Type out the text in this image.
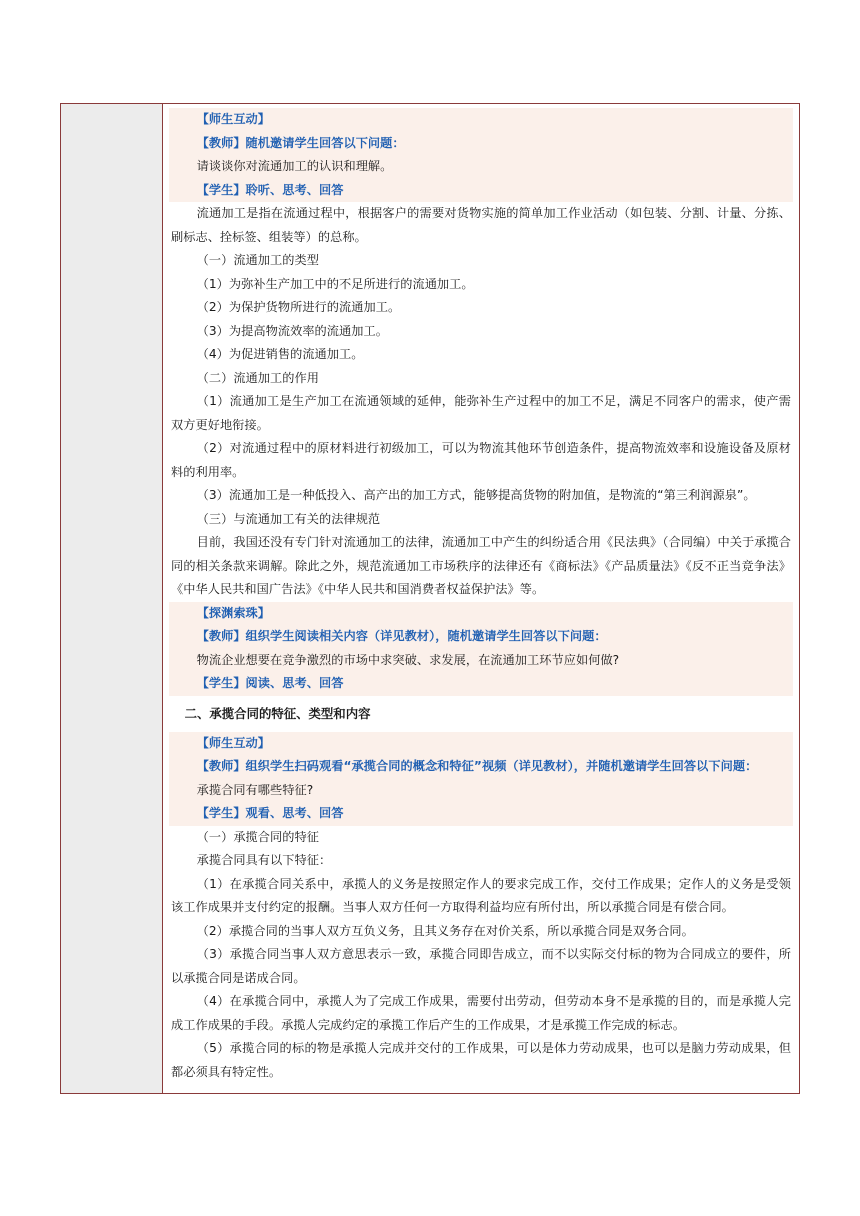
【师生互动】

【教师】随机邀请学生回答以下问题：

请谈谈你对流通加工的认识和理解。

【学生】聆听、思考、回答

流通加工是指在流通过程中，根据客户的需要对货物实施的简单加工作业活动（如包装、分割、计量、分拣、刷标志、拴标签、组装等）的总称。

（一）流通加工的类型

（1）为弥补生产加工中的不足所进行的流通加工。

（2）为保护货物所进行的流通加工。

（3）为提高物流效率的流通加工。

（4）为促进销售的流通加工。

（二）流通加工的作用

（1）流通加工是生产加工在流通领域的延伸，能弥补生产过程中的加工不足，满足不同客户的需求，使产需双方更好地衔接。

（2）对流通过程中的原材料进行初级加工，可以为物流其他环节创造条件，提高物流效率和设施设备及原材料的利用率。

（3）流通加工是一种低投入、高产出的加工方式，能够提高货物的附加值，是物流的“第三利润源泉”。

（三）与流通加工有关的法律规范

目前，我国还没有专门针对流通加工的法律，流通加工中产生的纠纷适合用《民法典》（合同编）中关于承揽合同的相关条款来调解。除此之外，规范流通加工市场秩序的法律还有《商标法》《产品质量法》《反不正当竞争法》《中华人民共和国广告法》《中华人民共和国消费者权益保护法》等。

【探渊索珠】

【教师】组织学生阅读相关内容（详见教材），随机邀请学生回答以下问题：

物流企业想要在竞争激烈的市场中求突破、求发展，在流通加工环节应如何做?

【学生】阅读、思考、回答

二、承揽合同的特征、类型和内容

【师生互动】

【教师】组织学生扫码观看“承揽合同的概念和特征”视频（详见教材），并随机邀请学生回答以下问题：

承揽合同有哪些特征?

【学生】观看、思考、回答

（一）承揽合同的特征

承揽合同具有以下特征：

（1）在承揽合同关系中，承揽人的义务是按照定作人的要求完成工作，交付工作成果；定作人的义务是受领该工作成果并支付约定的报酬。当事人双方任何一方取得利益均应有所付出，所以承揽合同是有偿合同。

（2）承揽合同的当事人双方互负义务，且其义务存在对价关系，所以承揽合同是双务合同。

（3）承揽合同当事人双方意思表示一致，承揽合同即告成立，而不以实际交付标的物为合同成立的要件，所以承揽合同是诺成合同。

（4）在承揽合同中，承揽人为了完成工作成果，需要付出劳动，但劳动本身不是承揽的目的，而是承揽人完成工作成果的手段。承揽人完成约定的承揽工作后产生的工作成果，才是承揽工作完成的标志。

（5）承揽合同的标的物是承揽人完成并交付的工作成果，可以是体力劳动成果，也可以是脑力劳动成果，但都必须具有特定性。
